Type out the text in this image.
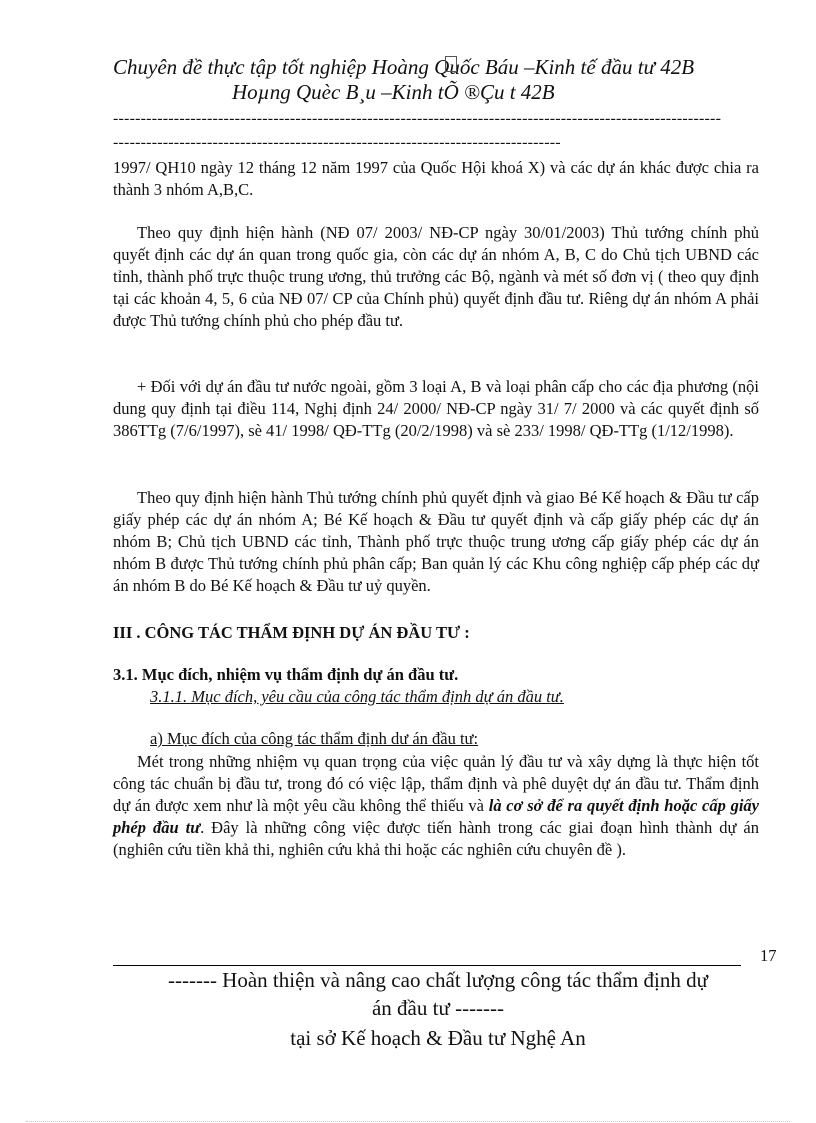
Chuyên đề thực tập tốt nghiệp Hoàng Quốc Báu –Kinh tế đầu tư 42B
Hoµng Quèc B¸u –Kinh tÕ ®Çu t 42B
--------------------------------------------------------------------------------------------------------------
---------------------------------------------------------------------------------

1997/ QH10 ngày 12 tháng 12 năm 1997 của Quốc Hội khoá X) và các dự án khác được chia ra thành 3 nhóm A,B,C.

Theo quy định hiện hành (NĐ 07/ 2003/ NĐ-CP ngày 30/01/2003) Thủ tướng chính phủ quyết định các dự án quan trong quốc gia, còn các dự án nhóm A, B, C do Chủ tịch UBND các tỉnh, thành phố trực thuộc trung ương, thủ trưởng các Bộ, ngành và mét số đơn vị ( theo quy định tại các khoản 4, 5, 6 của NĐ 07/ CP của Chính phủ) quyết định đầu tư. Riêng dự án nhóm A phải được Thủ tướng chính phủ cho phép đầu tư.

+ Đối với dự án đầu tư nước ngoài, gồm 3 loại A, B và loại phân cấp cho các địa phương (nội dung quy định tại điều 114, Nghị định 24/ 2000/ NĐ-CP ngày 31/ 7/ 2000 và các quyết định số 386TTg (7/6/1997), sè 41/ 1998/ QĐ-TTg (20/2/1998) và sè 233/ 1998/ QĐ-TTg (1/12/1998).

Theo quy định hiện hành Thủ tướng chính phủ quyết định và giao Bé Kế hoạch & Đầu tư cấp giấy phép các dự án nhóm A; Bé Kế hoạch & Đầu tư quyết định và cấp giấy phép các dự án nhóm B; Chủ tịch UBND các tỉnh, Thành phố trực thuộc trung ương cấp giấy phép các dự án nhóm B được Thủ tướng chính phủ phân cấp; Ban quản lý các Khu công nghiệp cấp phép các dự án nhóm B do Bé Kế hoạch & Đầu tư uỷ quyền.

III . CÔNG TÁC THẨM ĐỊNH DỰ ÁN ĐẦU TƯ :
3.1. Mục đích, nhiệm vụ thẩm định dự án đầu tư.
3.1.1. Mục đích, yêu cầu của công tác thẩm định dự án đầu tư.
a) Mục đích của công tác thẩm định dư án đầu tư:

Mét trong những nhiệm vụ quan trọng của việc quản lý đầu tư và xây dựng là thực hiện tốt công tác chuẩn bị đầu tư, trong đó có việc lập, thẩm định và phê duyệt dự án đầu tư. Thẩm định dự án được xem như là một yêu cầu không thể thiếu và là cơ sở để ra quyết định hoặc cấp giấy phép đầu tư. Đây là những công việc được tiến hành trong các giai đoạn hình thành dự án (nghiên cứu tiền khả thi, nghiên cứu khả thi hoặc các nghiên cứu chuyên đề ).

17
------- Hoàn thiện và nâng cao chất lượng công tác thẩm định dự
án đầu tư -------
tại sở Kế hoạch & Đầu tư Nghệ An
